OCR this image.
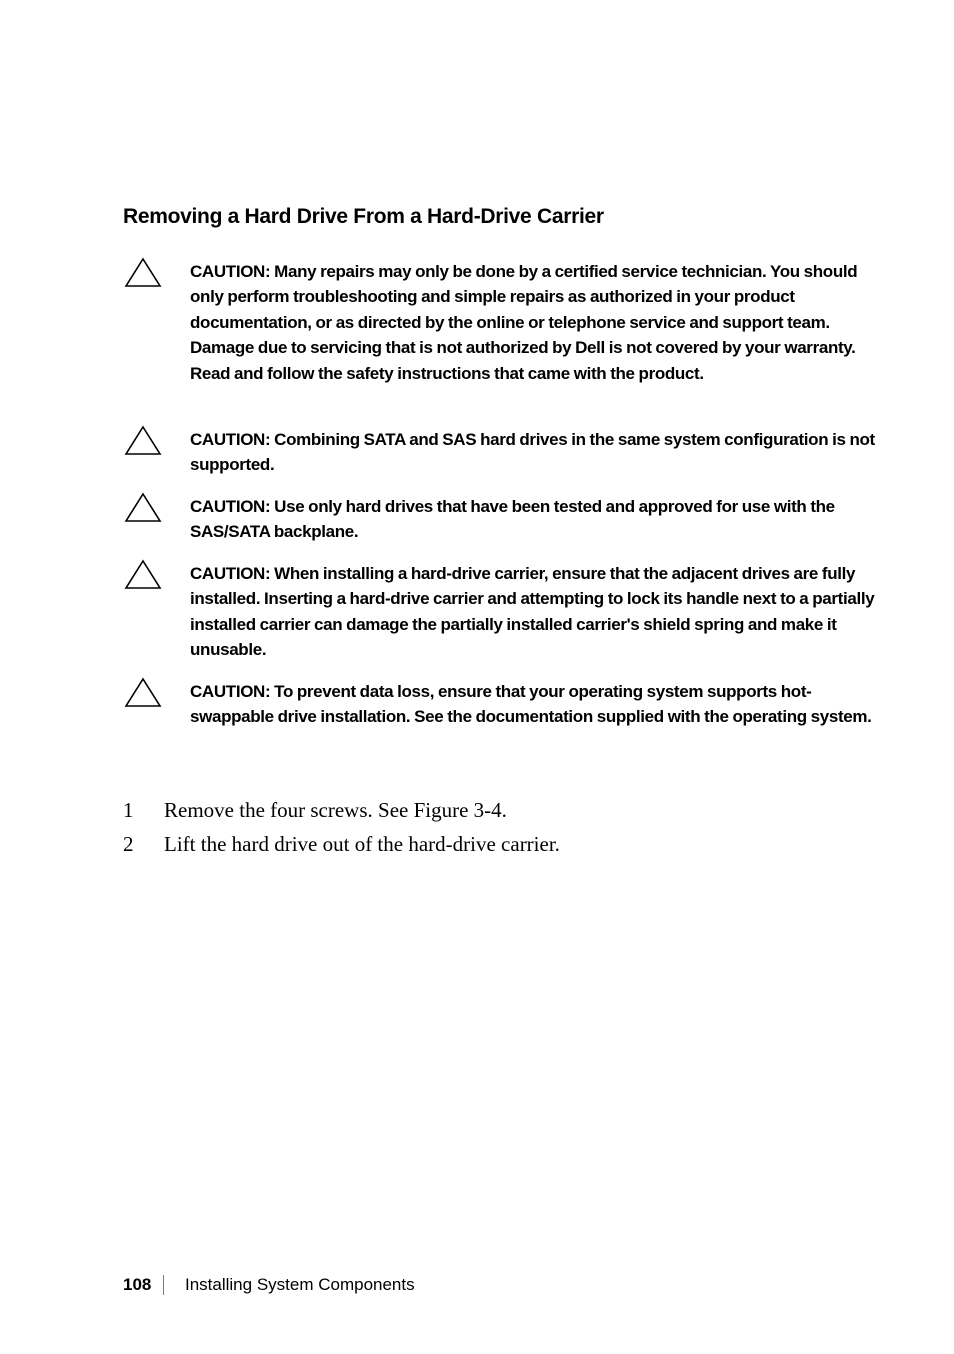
Removing a Hard Drive From a Hard-Drive Carrier

CAUTION: Many repairs may only be done by a certified service technician. You should only perform troubleshooting and simple repairs as authorized in your product documentation, or as directed by the online or telephone service and support team. Damage due to servicing that is not authorized by Dell is not covered by your warranty. Read and follow the safety instructions that came with the product.

CAUTION: Combining SATA and SAS hard drives in the same system configuration is not supported.

CAUTION: Use only hard drives that have been tested and approved for use with the SAS/SATA backplane.

CAUTION: When installing a hard-drive carrier, ensure that the adjacent drives are fully installed. Inserting a hard-drive carrier and attempting to lock its handle next to a partially installed carrier can damage the partially installed carrier's shield spring and make it unusable.

CAUTION: To prevent data loss, ensure that your operating system supports hot-swappable drive installation. See the documentation supplied with the operating system.

1 Remove the four screws. See Figure 3-4.
2 Lift the hard drive out of the hard-drive carrier.
108 Installing System Components
